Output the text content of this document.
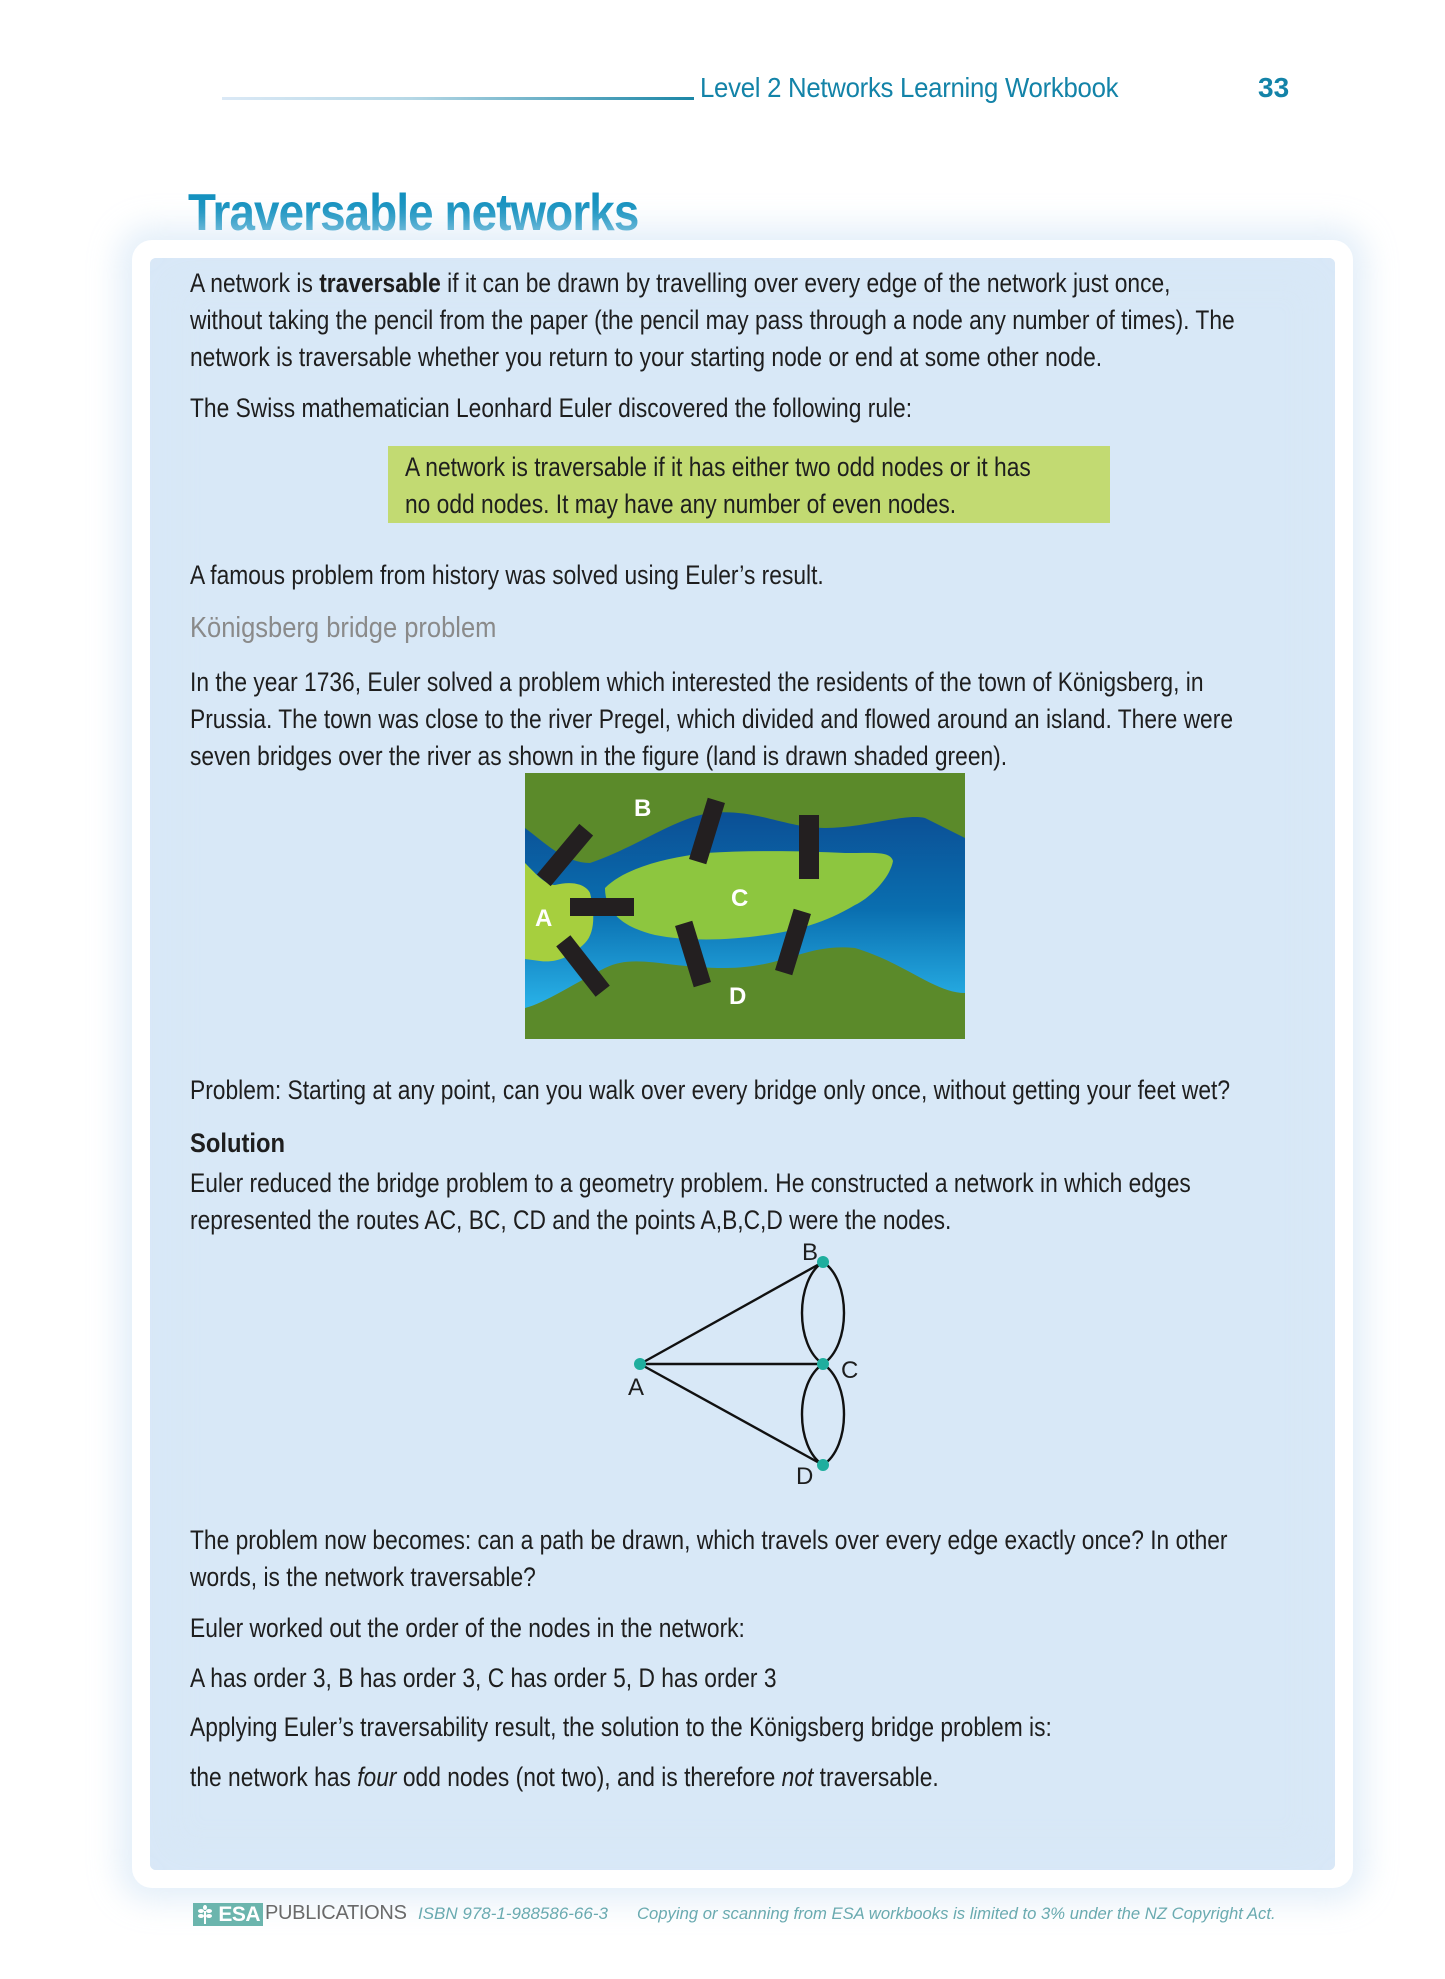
Level 2 Networks Learning Workbook	33
Traversable networks
A network is traversable if it can be drawn by travelling over every edge of the network just once,
without taking the pencil from the paper (the pencil may pass through a node any number of times). The
network is traversable whether you return to your starting node or end at some other node.
The Swiss mathematician Leonhard Euler discovered the following rule:
A network is traversable if it has either two odd nodes or it has
no odd nodes. It may have any number of even nodes.
A famous problem from history was solved using Euler’s result.
Königsberg bridge problem
In the year 1736, Euler solved a problem which interested the residents of the town of Königsberg, in
Prussia. The town was close to the river Pregel, which divided and flowed around an island. There were
seven bridges over the river as shown in the figure (land is drawn shaded green).
B
A
C
D
Problem: Starting at any point, can you walk over every bridge only once, without getting your feet wet?
Solution
Euler reduced the bridge problem to a geometry problem. He constructed a network in which edges
represented the routes AC, BC, CD and the points A,B,C,D were the nodes.
A
B
C
D
The problem now becomes: can a path be drawn, which travels over every edge exactly once? In other
words, is the network traversable?
Euler worked out the order of the nodes in the network:
A has order 3, B has order 3, C has order 5, D has order 3
Applying Euler’s traversability result, the solution to the Königsberg bridge problem is:
the network has four odd nodes (not two), and is therefore not traversable.
ESA PUBLICATIONS ISBN 978-1-988586-66-3 Copying or scanning from ESA workbooks is limited to 3% under the NZ Copyright Act.
